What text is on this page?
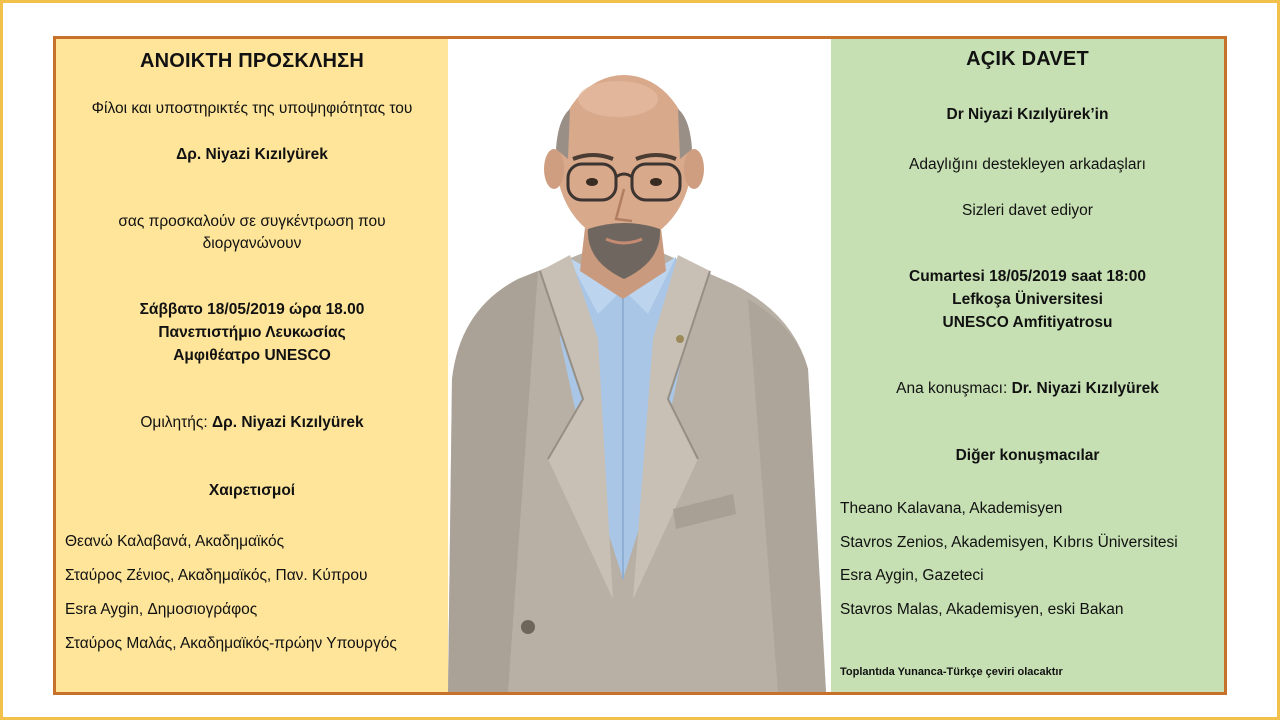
ΑΝΟΙΚΤΗ ΠΡΟΣΚΛΗΣΗ
Φίλοι και υποστηρικτές της υποψηφιότητας του
Δρ. Niyazi Kızılyürek
σας προσκαλούν σε συγκέντρωση που
διοργανώνουν
Σάββατο 18/05/2019 ώρα 18.00
Πανεπιστήμιο Λευκωσίας
Αμφιθέατρο UNESCO
Ομιλητής: Δρ. Niyazi Kızılyürek
Χαιρετισμοί
Θεανώ Καλαβανά, Ακαδημαϊκός
Σταύρος Ζένιος, Ακαδημαϊκός, Παν. Κύπρου
Esra Aygin, Δημοσιογράφος
Σταύρος Μαλάς, Ακαδημαϊκός-πρώην Υπουργός
AÇIK DAVET
Dr Niyazi Kızılyürek’in
Adaylığını destekleyen arkadaşları
Sizleri davet ediyor
Cumartesi 18/05/2019 saat 18:00
Lefkoşa Üniversitesi
UNESCO Amfitiyatrosu
Ana konuşmacı: Dr. Niyazi Kızılyürek
Diğer konuşmacılar
Theano Kalavana, Akademisyen
Stavros Zenios, Akademisyen, Kıbrıs Üniversitesi
Esra Aygin, Gazeteci
Stavros Malas, Akademisyen, eski Bakan
Toplantıda Yunanca-Türkçe çeviri olacaktır
